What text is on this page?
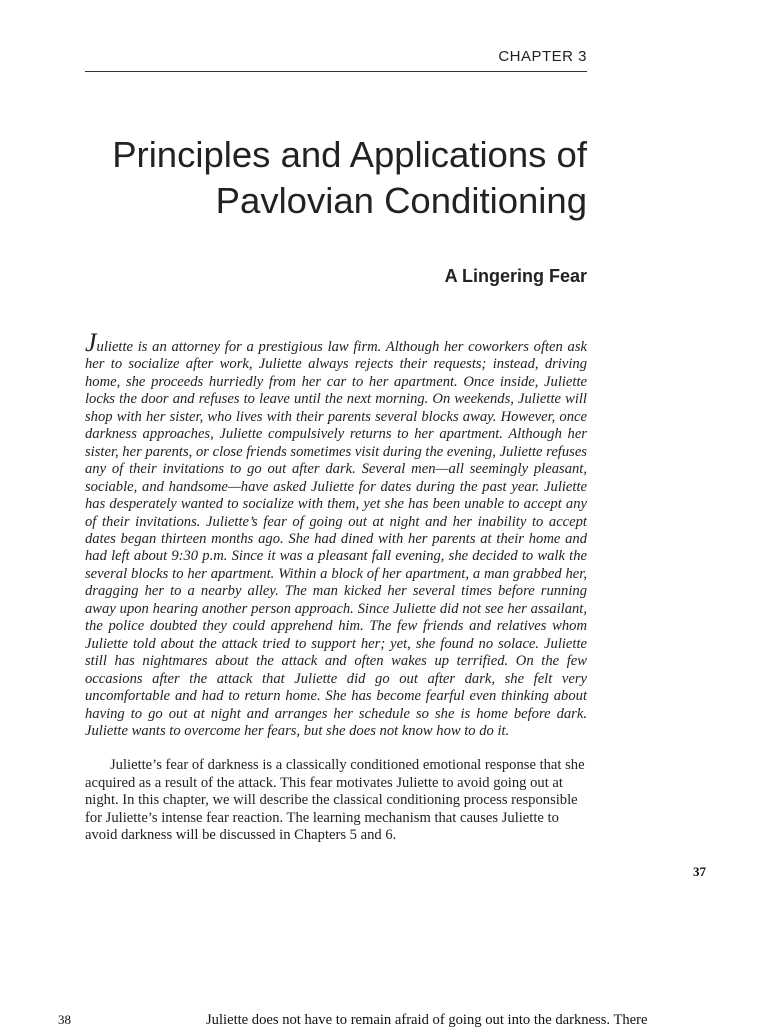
CHAPTER 3
Principles and Applications of
Pavlovian Conditioning
A Lingering Fear

Juliette is an attorney for a prestigious law firm. Although her coworkers often ask her to socialize after work, Juliette always rejects their requests; instead, driving home, she proceeds hurriedly from her car to her apartment. Once inside, Juliette locks the door and refuses to leave until the next morning. On weekends, Juliette will shop with her sister, who lives with their parents several blocks away. However, once darkness approaches, Juliette compulsively returns to her apartment. Although her sister, her parents, or close friends sometimes visit during the evening, Juliette refuses any of their invitations to go out after dark. Several men—all seemingly pleasant, sociable, and handsome—have asked Juliette for dates during the past year. Juliette has desperately wanted to socialize with them, yet she has been unable to accept any of their invitations. Juliette’s fear of going out at night and her inability to accept dates began thirteen months ago. She had dined with her parents at their home and had left about 9:30 p.m. Since it was a pleasant fall evening, she decided to walk the several blocks to her apartment. Within a block of her apartment, a man grabbed her, dragging her to a nearby alley. The man kicked her several times before running away upon hearing another person approach. Since Juliette did not see her assailant, the police doubted they could apprehend him. The few friends and relatives whom Juliette told about the attack tried to support her; yet, she found no solace. Juliette still has nightmares about the attack and often wakes up terrified. On the few occasions after the attack that Juliette did go out after dark, she felt very uncomfortable and had to return home. She has become fearful even thinking about having to go out at night and arranges her schedule so she is home before dark. Juliette wants to overcome her fears, but she does not know how to do it.

Juliette’s fear of darkness is a classically conditioned emotional response that she acquired as a result of the attack. This fear motivates Juliette to avoid going out at night. In this chapter, we will describe the classical conditioning process responsible for Juliette’s intense fear reaction. The learning mechanism that causes Juliette to avoid darkness will be discussed in Chapters 5 and 6.

37
38	Juliette does not have to remain afraid of going out into the darkness. There
